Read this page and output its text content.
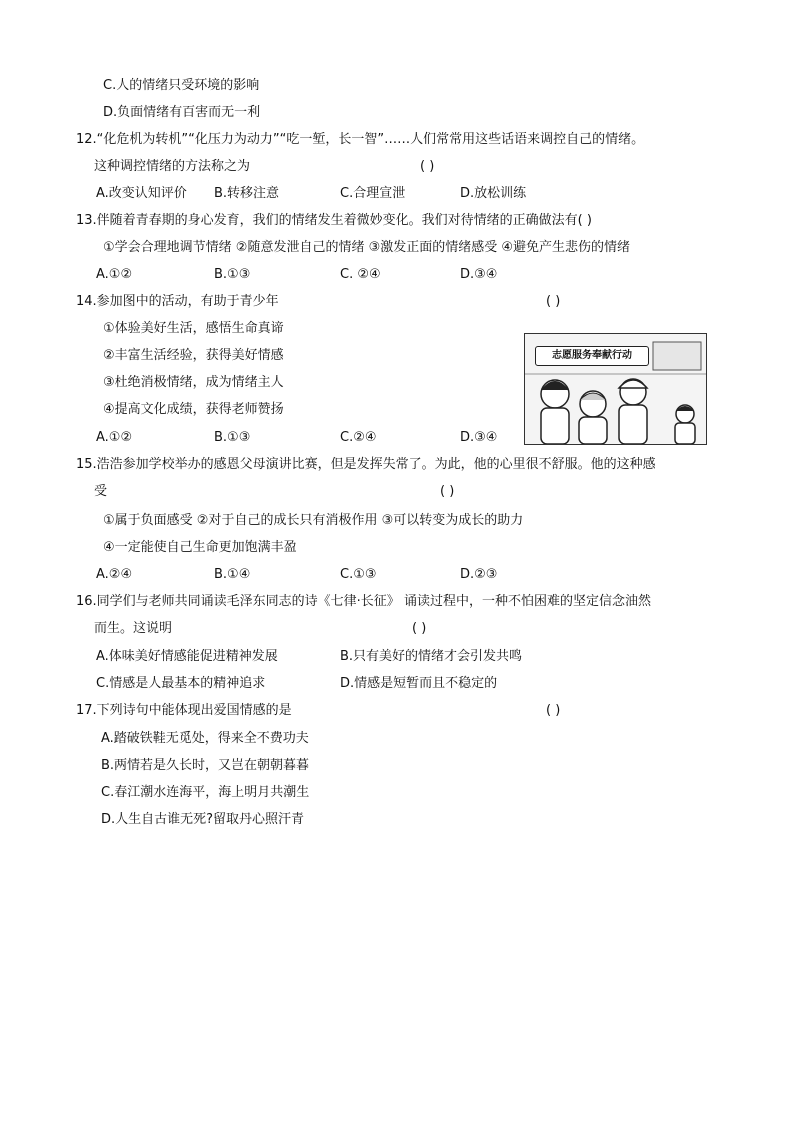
C.人的情绪只受环境的影响
D.负面情绪有百害而无一利
12.“化危机为转机”“化压力为动力”“吃一堑，长一智”……人们常常用这些话语来调控自己的情绪。
这种调控情绪的方法称之为	( )
A.改变认知评价 B.转移注意	C.合理宣泄	D.放松训练
13.伴随着青春期的身心发育，我们的情绪发生着微妙变化。我们对待情绪的正确做法有( )
①学会合理地调节情绪 ②随意发泄自己的情绪 ③激发正面的情绪感受 ④避免产生悲伤的情绪
A.①②	B.①③	C. ②④	D.③④
14.参加图中的活动，有助于青少年	( )
①体验美好生活，感悟生命真谛
②丰富生活经验，获得美好情感
③杜绝消极情绪，成为情绪主人
④提高文化成绩，获得老师赞扬
A.①②	B.①③	C.②④	D.③④
志愿服务奉献行动
15.浩浩参加学校举办的感恩父母演讲比赛，但是发挥失常了。为此，他的心里很不舒服。他的这种感
受	( )
①属于负面感受 ②对于自己的成长只有消极作用 ③可以转变为成长的助力
④一定能使自己生命更加饱满丰盈
A.②④	B.①④	C.①③	D.②③
16.同学们与老师共同诵读毛泽东同志的诗《七律·长征》 诵读过程中，一种不怕困难的坚定信念油然
而生。这说明	( )
A.体味美好情感能促进精神发展	B.只有美好的情绪才会引发共鸣
C.情感是人最基本的精神追求	D.情感是短暂而且不稳定的
17.下列诗句中能体现出爱国情感的是	( )
A.踏破铁鞋无觅处，得来全不费功夫
B.两情若是久长时，又岂在朝朝暮暮
C.春江潮水连海平，海上明月共潮生
D.人生自古谁无死?留取丹心照汗青
